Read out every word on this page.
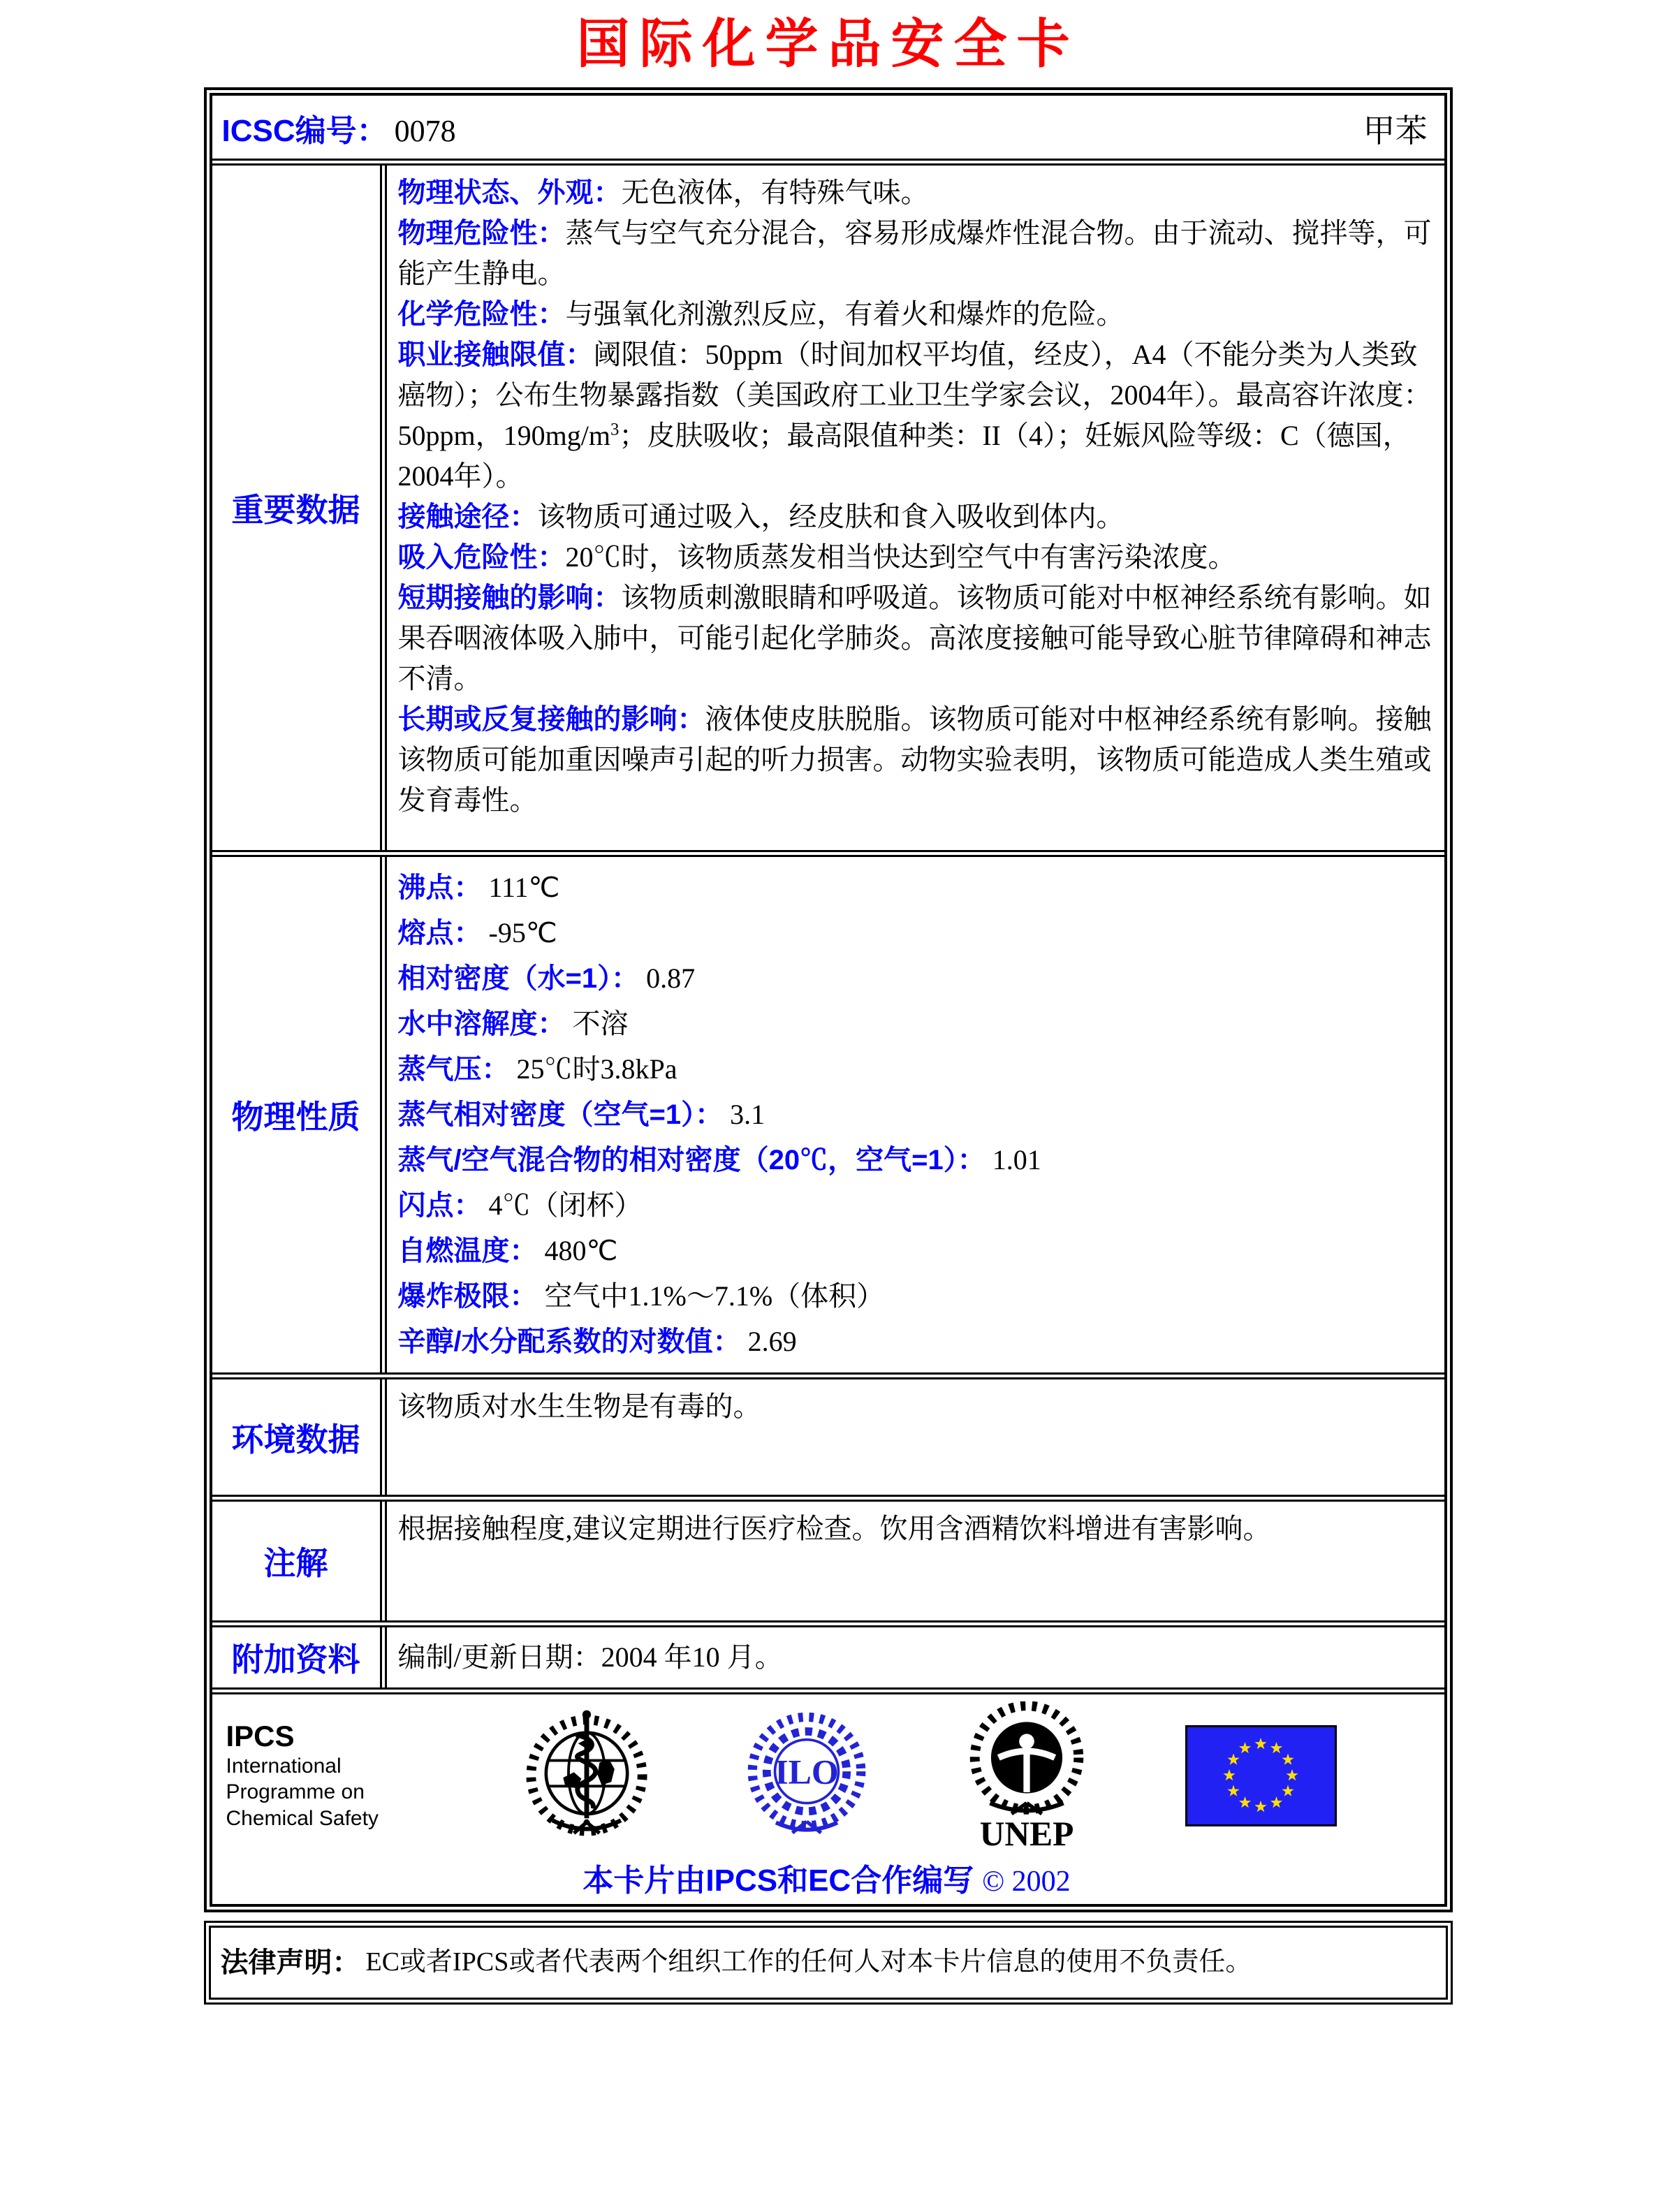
国际化学品安全卡
ICSC编号： 0078	甲苯
重要数据
物理状态、外观：无色液体，有特殊气味。
物理危险性：蒸气与空气充分混合，容易形成爆炸性混合物。由于流动、搅拌等，可能产生静电。
化学危险性：与强氧化剂激烈反应，有着火和爆炸的危险。
职业接触限值：阈限值：50ppm（时间加权平均值，经皮），A4（不能分类为人类致癌物）；公布生物暴露指数（美国政府工业卫生学家会议，2004年）。最高容许浓度：50ppm，$190mg/m^3$；皮肤吸收；最高限值种类：II（4）；妊娠风险等级：C（德国，2004年）。
接触途径：该物质可通过吸入，经皮肤和食入吸收到体内。
吸入危险性：20℃时，该物质蒸发相当快达到空气中有害污染浓度。
短期接触的影响：该物质刺激眼睛和呼吸道。该物质可能对中枢神经系统有影响。如果吞咽液体吸入肺中，可能引起化学肺炎。高浓度接触可能导致心脏节律障碍和神志不清。
长期或反复接触的影响：液体使皮肤脱脂。该物质可能对中枢神经系统有影响。接触该物质可能加重因噪声引起的听力损害。动物实验表明，该物质可能造成人类生殖或发育毒性。
物理性质
沸点： 111℃
熔点： -95℃
相对密度（水=1）： 0.87
水中溶解度： 不溶
蒸气压： 25℃时3.8kPa
蒸气相对密度（空气=1）： 3.1
蒸气/空气混合物的相对密度（20℃，空气=1）： 1.01
闪点： 4℃（闭杯）
自燃温度： 480℃
爆炸极限： 空气中1.1%～7.1%（体积）
辛醇/水分配系数的对数值： 2.69
环境数据
该物质对水生生物是有毒的。
注解
根据接触程度,建议定期进行医疗检查。饮用含酒精饮料增进有害影响。
附加资料	编制/更新日期：2004 年10 月。
IPCS
International
Programme on
Chemical Safety
ILO
UNEP
本卡片由IPCS和EC合作编写 © 2002
法律声明： EC或者IPCS或者代表两个组织工作的任何人对本卡片信息的使用不负责任。
